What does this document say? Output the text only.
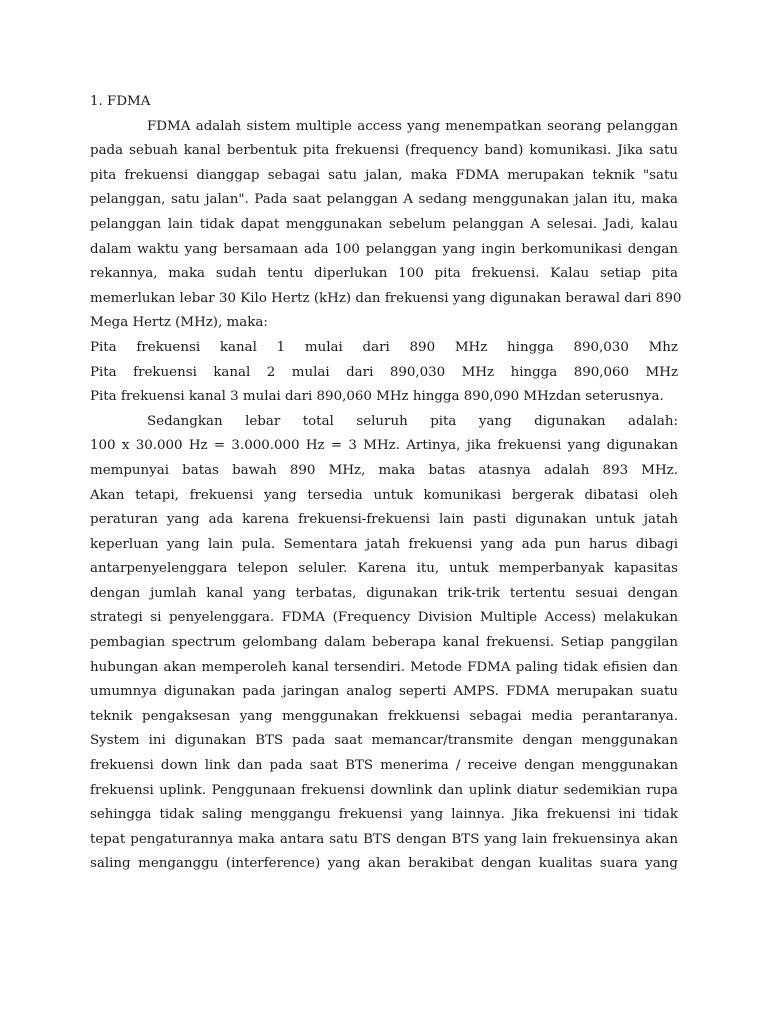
1. FDMA
FDMA adalah sistem multiple access yang menempatkan seorang pelanggan
pada sebuah kanal berbentuk pita frekuensi (frequency band) komunikasi. Jika satu
pita frekuensi dianggap sebagai satu jalan, maka FDMA merupakan teknik "satu
pelanggan, satu jalan". Pada saat pelanggan A sedang menggunakan jalan itu, maka
pelanggan lain tidak dapat menggunakan sebelum pelanggan A selesai. Jadi, kalau
dalam waktu yang bersamaan ada 100 pelanggan yang ingin berkomunikasi dengan
rekannya, maka sudah tentu diperlukan 100 pita frekuensi. Kalau setiap pita
memerlukan lebar 30 Kilo Hertz (kHz) dan frekuensi yang digunakan berawal dari 890
Mega Hertz (MHz), maka:
Pita frekuensi kanal 1 mulai dari 890 MHz hingga 890,030 Mhz
Pita frekuensi kanal 2 mulai dari 890,030 MHz hingga 890,060 MHz
Pita frekuensi kanal 3 mulai dari 890,060 MHz hingga 890,090 MHzdan seterusnya.
Sedangkan lebar total seluruh pita yang digunakan adalah:
100 x 30.000 Hz = 3.000.000 Hz = 3 MHz. Artinya, jika frekuensi yang digunakan
mempunyai batas bawah 890 MHz, maka batas atasnya adalah 893 MHz.
Akan tetapi, frekuensi yang tersedia untuk komunikasi bergerak dibatasi oleh
peraturan yang ada karena frekuensi-frekuensi lain pasti digunakan untuk jatah
keperluan yang lain pula. Sementara jatah frekuensi yang ada pun harus dibagi
antarpenyelenggara telepon seluler. Karena itu, untuk memperbanyak kapasitas
dengan jumlah kanal yang terbatas, digunakan trik-trik tertentu sesuai dengan
strategi si penyelenggara. FDMA (Frequency Division Multiple Access) melakukan
pembagian spectrum gelombang dalam beberapa kanal frekuensi. Setiap panggilan
hubungan akan memperoleh kanal tersendiri. Metode FDMA paling tidak efisien dan
umumnya digunakan pada jaringan analog seperti AMPS. FDMA merupakan suatu
teknik pengaksesan yang menggunakan frekkuensi sebagai media perantaranya.
System ini digunakan BTS pada saat memancar/transmite dengan menggunakan
frekuensi down link dan pada saat BTS menerima / receive dengan menggunakan
frekuensi uplink. Penggunaan frekuensi downlink dan uplink diatur sedemikian rupa
sehingga tidak saling menggangu frekuensi yang lainnya. Jika frekuensi ini tidak
tepat pengaturannya maka antara satu BTS dengan BTS yang lain frekuensinya akan
saling menganggu (interference) yang akan berakibat dengan kualitas suara yang
